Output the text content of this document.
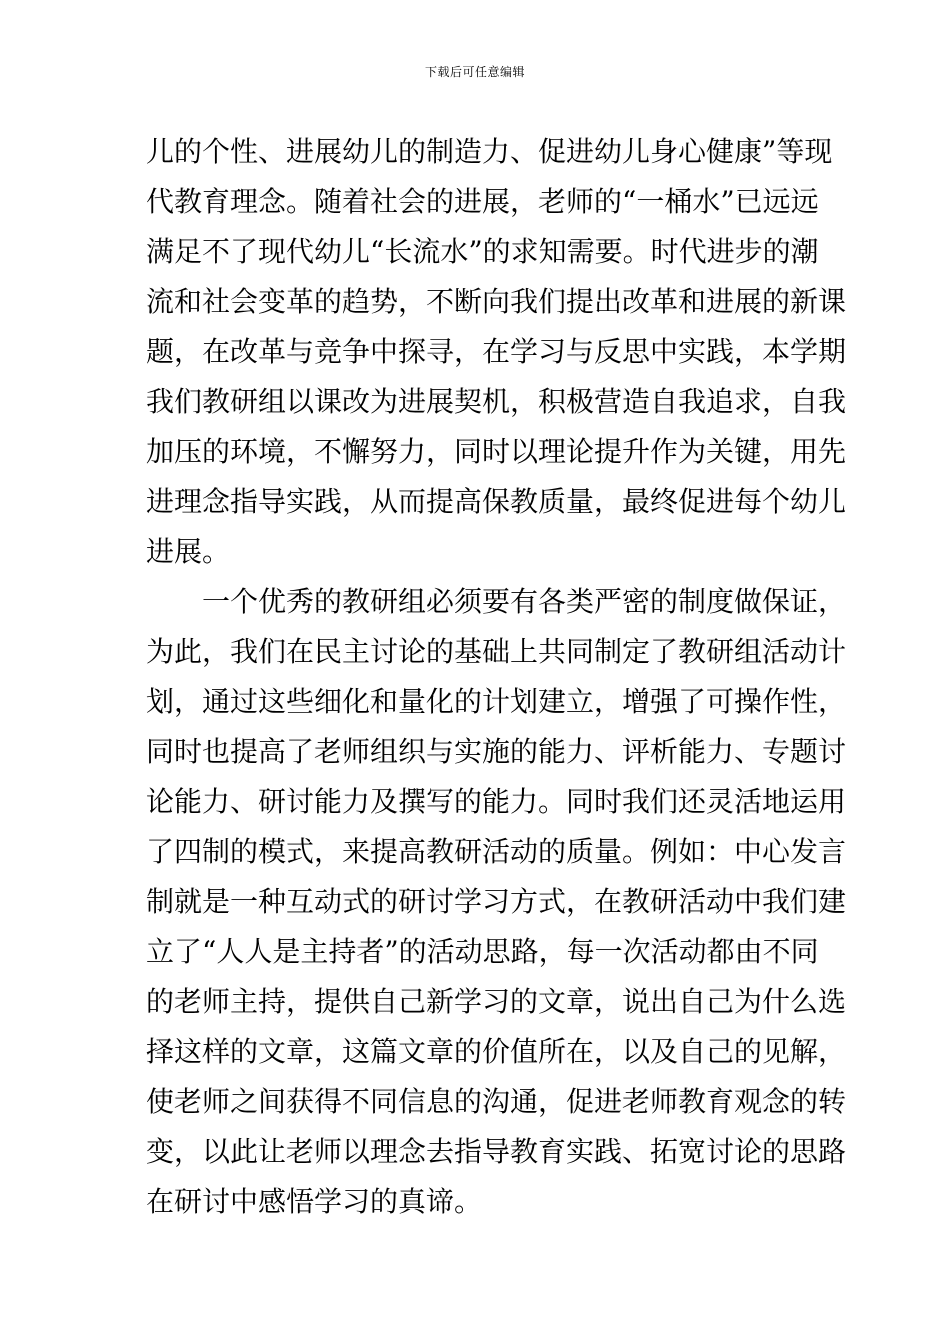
下载后可任意编辑
儿的个性、进展幼儿的制造力、促进幼儿身心健康”等现
代教育理念。随着社会的进展，老师的“一桶水”已远远
满足不了现代幼儿“长流水”的求知需要。时代进步的潮
流和社会变革的趋势，不断向我们提出改革和进展的新课
题，在改革与竞争中探寻，在学习与反思中实践，本学期
我们教研组以课改为进展契机，积极营造自我追求，自我
加压的环境，不懈努力，同时以理论提升作为关键，用先
进理念指导实践，从而提高保教质量，最终促进每个幼儿
进展。
一个优秀的教研组必须要有各类严密的制度做保证，
为此，我们在民主讨论的基础上共同制定了教研组活动计
划，通过这些细化和量化的计划建立，增强了可操作性，
同时也提高了老师组织与实施的能力、评析能力、专题讨
论能力、研讨能力及撰写的能力。同时我们还灵活地运用
了四制的模式，来提高教研活动的质量。例如：中心发言
制就是一种互动式的研讨学习方式，在教研活动中我们建
立了“人人是主持者”的活动思路，每一次活动都由不同
的老师主持，提供自己新学习的文章，说出自己为什么选
择这样的文章，这篇文章的价值所在，以及自己的见解，
使老师之间获得不同信息的沟通，促进老师教育观念的转
变，以此让老师以理念去指导教育实践、拓宽讨论的思路
在研讨中感悟学习的真谛。
